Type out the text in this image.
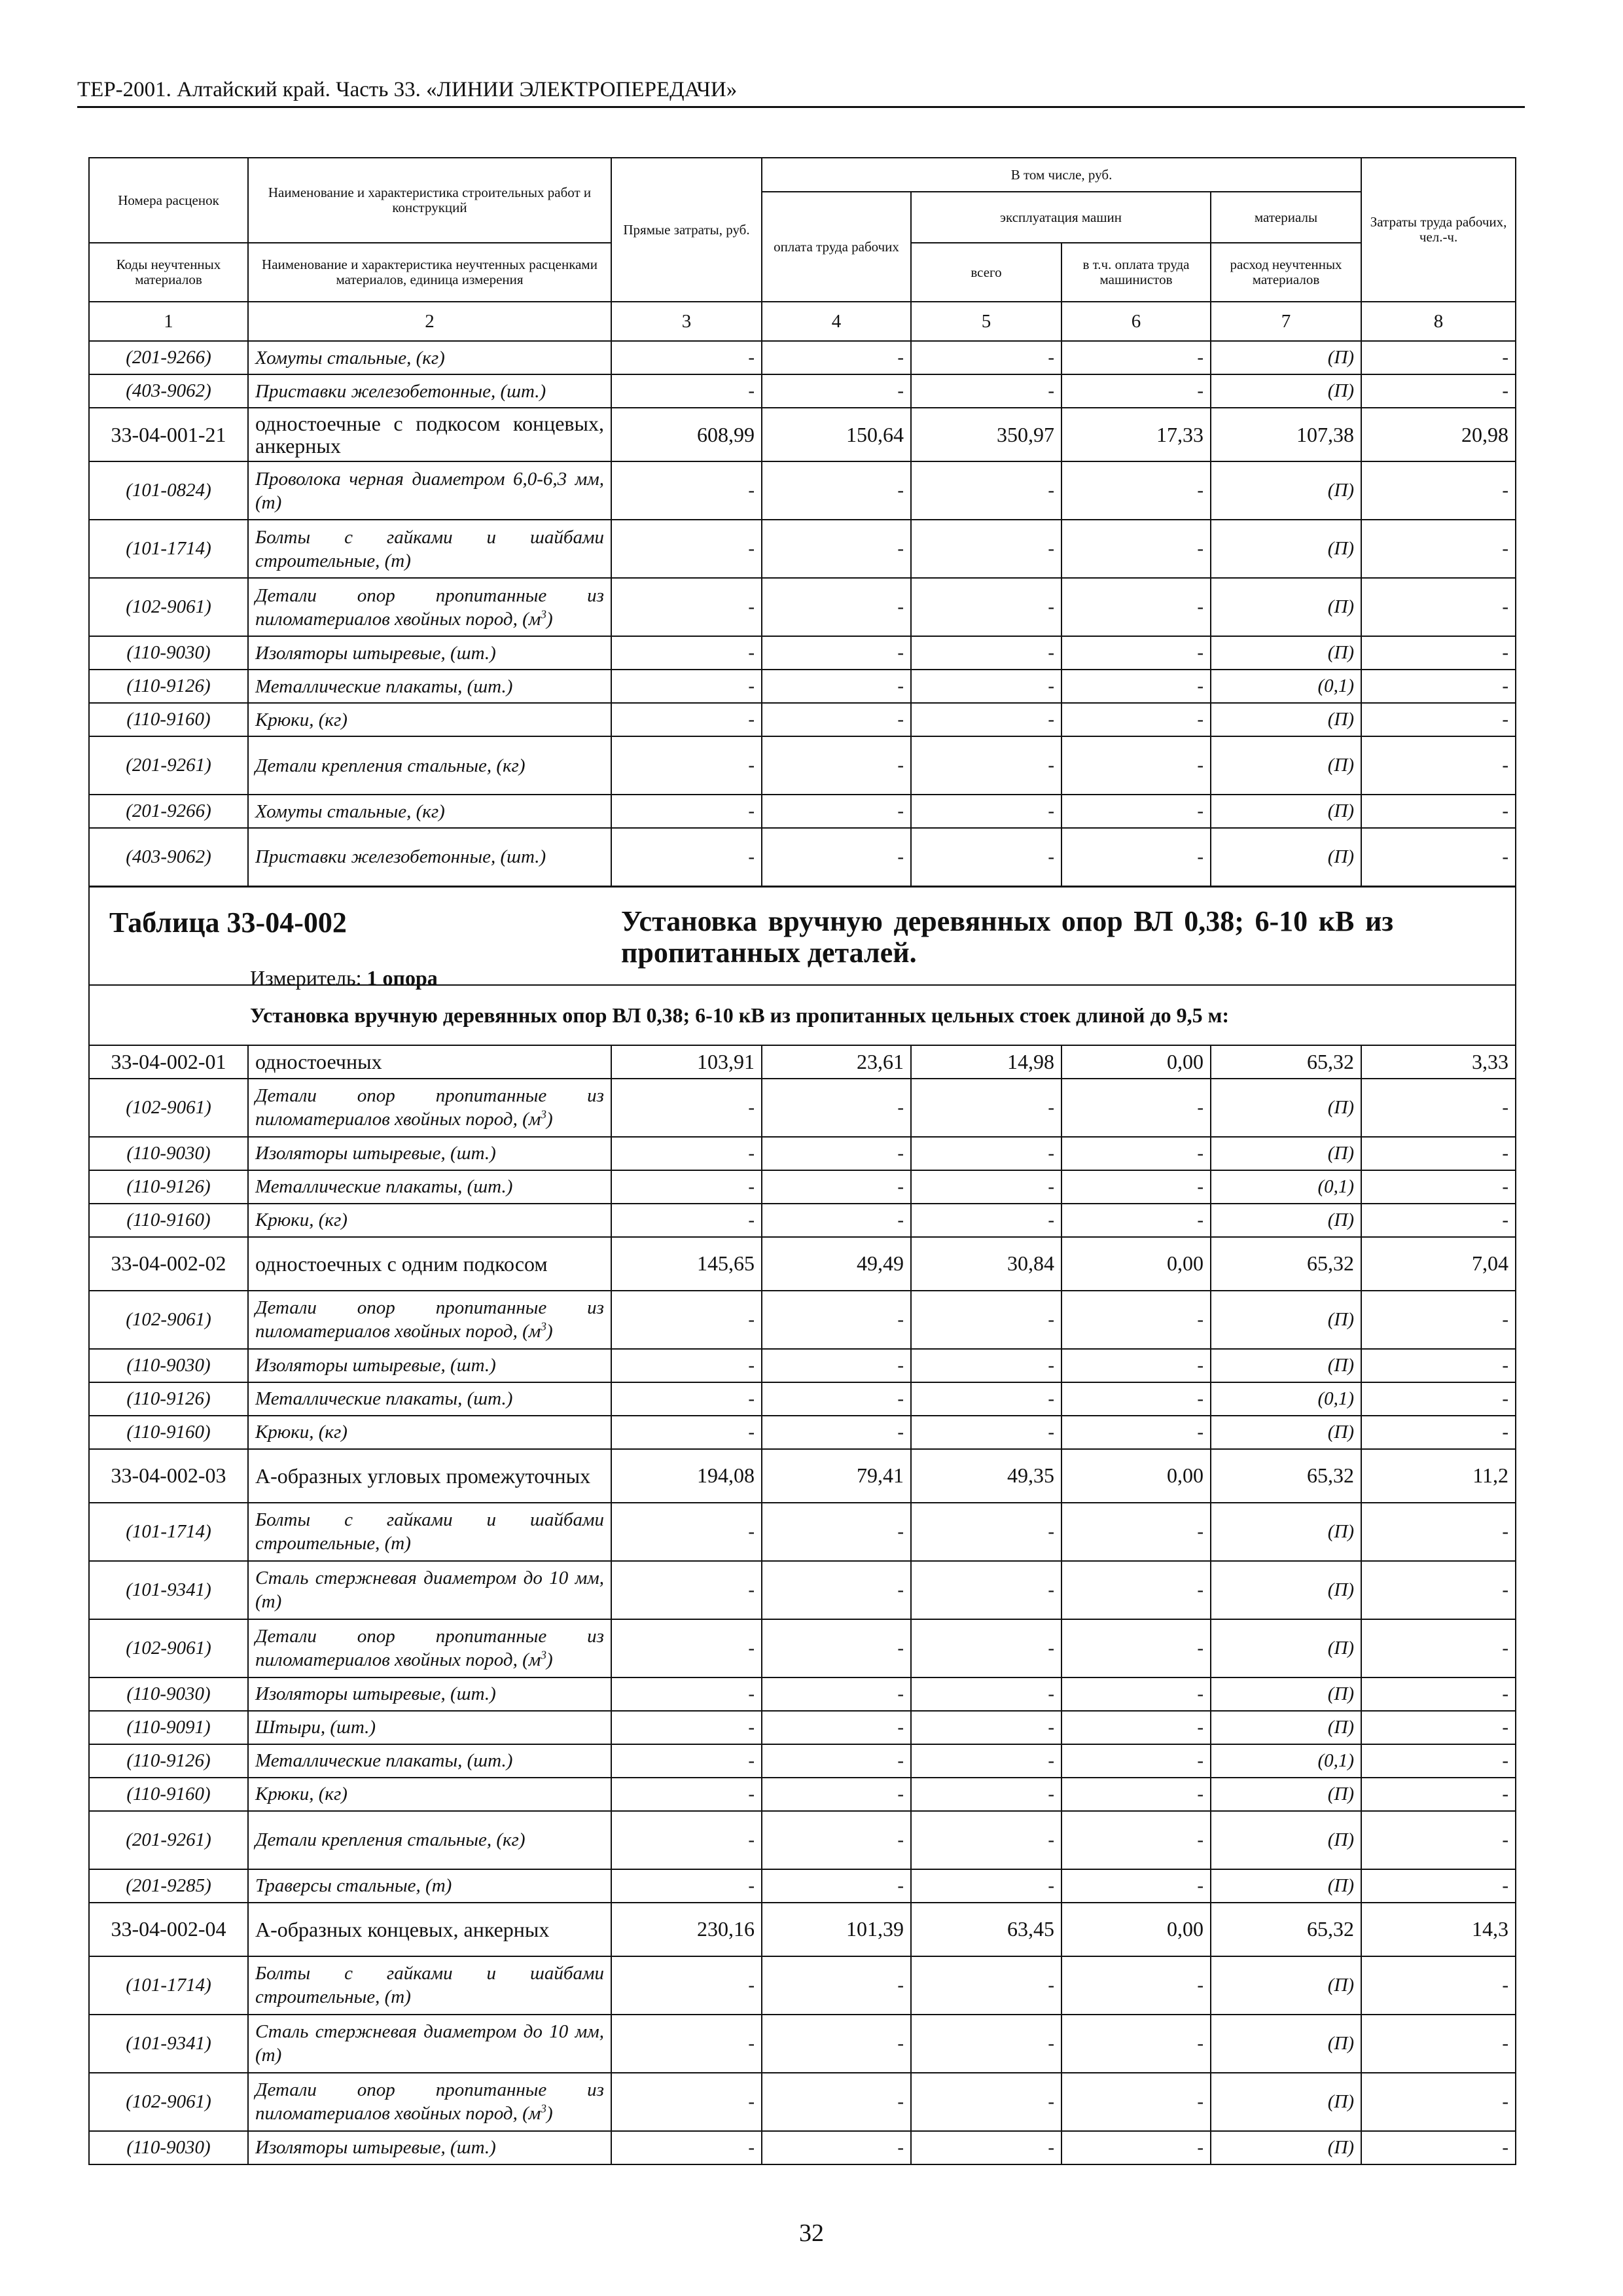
ТЕР-2001. Алтайский край. Часть 33. «ЛИНИИ ЭЛЕКТРОПЕРЕДАЧИ»
Номера расценок	Наименование и характеристика строительных работ и конструкций	Прямые затраты, руб.	В том числе, руб.				Затраты труда рабочих, чел.-ч.
			оплата труда рабочих	эксплуатация машин		материалы	
Коды неучтенных материалов	Наименование и характеристика неучтенных расценками материалов, единица измерения			всего	в т.ч. оплата труда машинистов	расход неучтенных материалов	

1	2	3	4	5	6	7	8
(201-9266)	Хомуты стальные, (кг)	-	-	-	-	(П)	-
(403-9062)	Приставки железобетонные, (шт.)	-	-	-	-	(П)	-
33-04-001-21	одностоечные с подкосом концевых, анкерных	608,99	150,64	350,97	17,33	107,38	20,98
(101-0824)	Проволока черная диаметром 6,0-6,3 мм, (т)	-	-	-	-	(П)	-
(101-1714)	Болты с гайками и шайбами строительные, (т)	-	-	-	-	(П)	-
(102-9061)	Детали опор пропитанные из пиломатериалов хвойных пород, $(м^3)$	-	-	-	-	(П)	-
(110-9030)	Изоляторы штыревые, (шт.)	-	-	-	-	(П)	-
(110-9126)	Металлические плакаты, (шт.)	-	-	-	-	(0,1)	-
(110-9160)	Крюки, (кг)	-	-	-	-	(П)	-
(201-9261)	Детали крепления стальные, (кг)	-	-	-	-	(П)	-
(201-9266)	Хомуты стальные, (кг)	-	-	-	-	(П)	-
(403-9062)	Приставки железобетонные, (шт.)	-	-	-	-	(П)	-

Таблица 33-04-002 Установка вручную деревянных опор ВЛ 0,38; 6-10 кВ из пропитанных деталей.
Измеритель: 1 опора							

Установка вручную деревянных опор ВЛ 0,38; 6-10 кВ из пропитанных цельных стоек длиной до 9,5 м:							
33-04-002-01	одностоечных	103,91	23,61	14,98	0,00	65,32	3,33
(102-9061)	Детали опор пропитанные из пиломатериалов хвойных пород, $(м^3)$	-	-	-	-	(П)	-
(110-9030)	Изоляторы штыревые, (шт.)	-	-	-	-	(П)	-
(110-9126)	Металлические плакаты, (шт.)	-	-	-	-	(0,1)	-
(110-9160)	Крюки, (кг)	-	-	-	-	(П)	-
33-04-002-02	одностоечных с одним подкосом	145,65	49,49	30,84	0,00	65,32	7,04
(102-9061)	Детали опор пропитанные из пиломатериалов хвойных пород, $(м^3)$	-	-	-	-	(П)	-
(110-9030)	Изоляторы штыревые, (шт.)	-	-	-	-	(П)	-
(110-9126)	Металлические плакаты, (шт.)	-	-	-	-	(0,1)	-
(110-9160)	Крюки, (кг)	-	-	-	-	(П)	-
33-04-002-03	А-образных угловых промежуточных	194,08	79,41	49,35	0,00	65,32	11,2
(101-1714)	Болты с гайками и шайбами строительные, (т)	-	-	-	-	(П)	-
(101-9341)	Сталь стержневая диаметром до 10 мм, (т)	-	-	-	-	(П)	-
(102-9061)	Детали опор пропитанные из пиломатериалов хвойных пород, $(м^3)$	-	-	-	-	(П)	-
(110-9030)	Изоляторы штыревые, (шт.)	-	-	-	-	(П)	-
(110-9091)	Штыри, (шт.)	-	-	-	-	(П)	-
(110-9126)	Металлические плакаты, (шт.)	-	-	-	-	(0,1)	-
(110-9160)	Крюки, (кг)	-	-	-	-	(П)	-
(201-9261)	Детали крепления стальные, (кг)	-	-	-	-	(П)	-
(201-9285)	Траверсы стальные, (т)	-	-	-	-	(П)	-
33-04-002-04	А-образных концевых, анкерных	230,16	101,39	63,45	0,00	65,32	14,3
(101-1714)	Болты с гайками и шайбами строительные, (т)	-	-	-	-	(П)	-
(101-9341)	Сталь стержневая диаметром до 10 мм, (т)	-	-	-	-	(П)	-
(102-9061)	Детали опор пропитанные из пиломатериалов хвойных пород, $(м^3)$	-	-	-	-	(П)	-
(110-9030)	Изоляторы штыревые, (шт.)	-	-	-	-	(П)	-
32
